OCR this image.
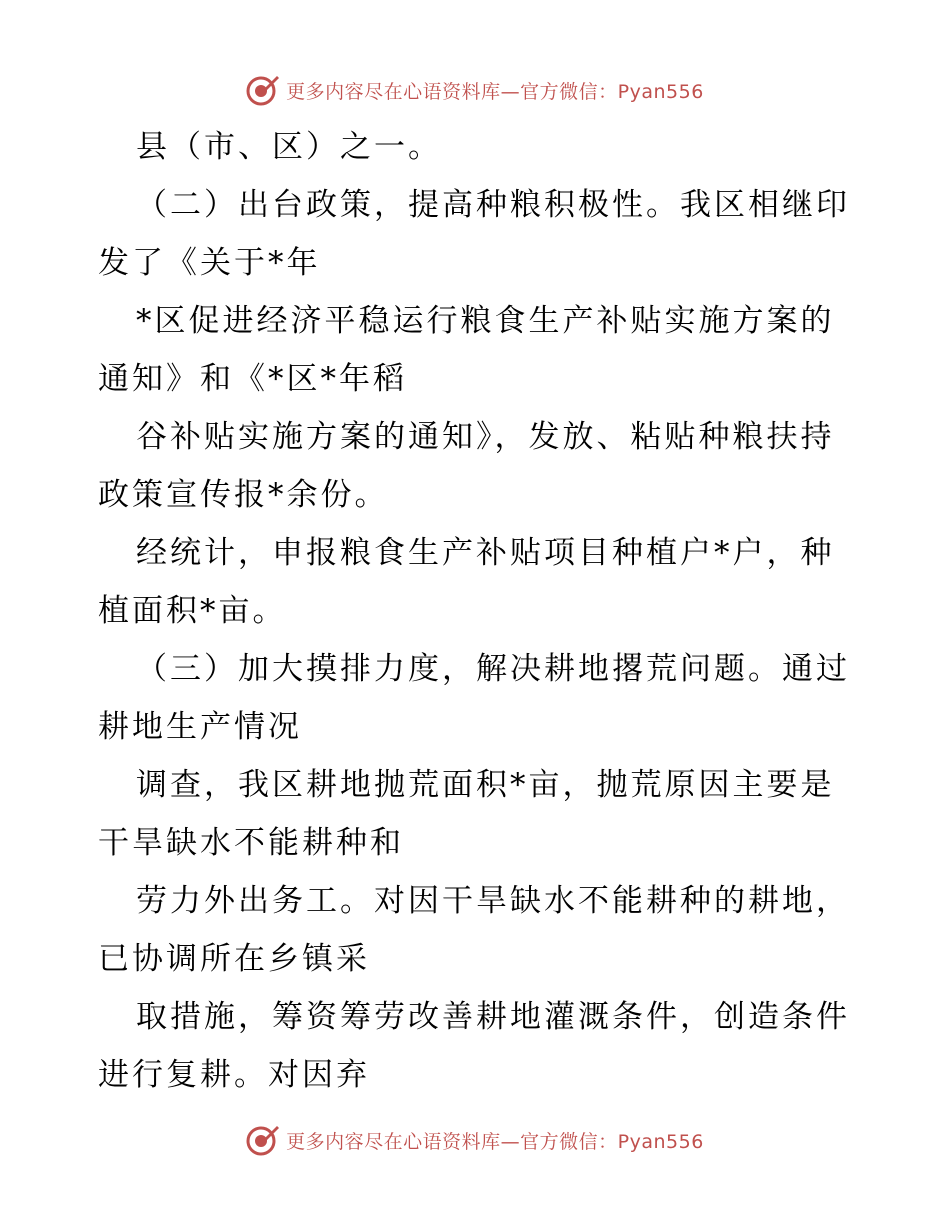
更多内容尽在心语资料库—官方微信：Pyan556
县（市、区）之一。
（二）出台政策，提高种粮积极性。我区相继印
发了《关于*年
*区促进经济平稳运行粮食生产补贴实施方案的
通知》和《*区*年稻
谷补贴实施方案的通知》，发放、粘贴种粮扶持
政策宣传报*余份。
经统计，申报粮食生产补贴项目种植户*户，种
植面积*亩。
（三）加大摸排力度，解决耕地撂荒问题。通过
耕地生产情况
调查，我区耕地抛荒面积*亩，抛荒原因主要是
干旱缺水不能耕种和
劳力外出务工。对因干旱缺水不能耕种的耕地，
已协调所在乡镇采
取措施，筹资筹劳改善耕地灌溉条件，创造条件
进行复耕。对因弃
更多内容尽在心语资料库—官方微信：Pyan556
